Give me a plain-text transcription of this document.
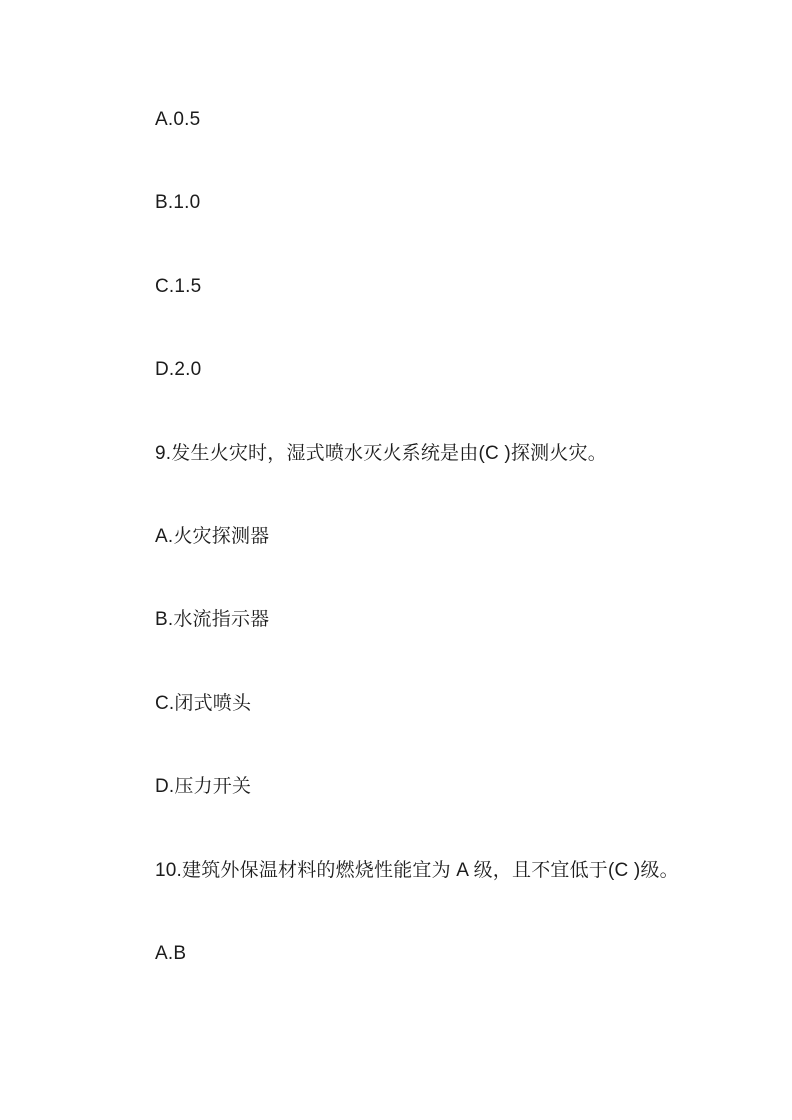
A.0.5

B.1.0

C.1.5

D.2.0

9.发生火灾时，湿式喷水灭火系统是由(C )探测火灾。

A.火灾探测器

B.水流指示器

C.闭式喷头

D.压力开关

10.建筑外保温材料的燃烧性能宜为 A 级，且不宜低于(C )级。

A.B
